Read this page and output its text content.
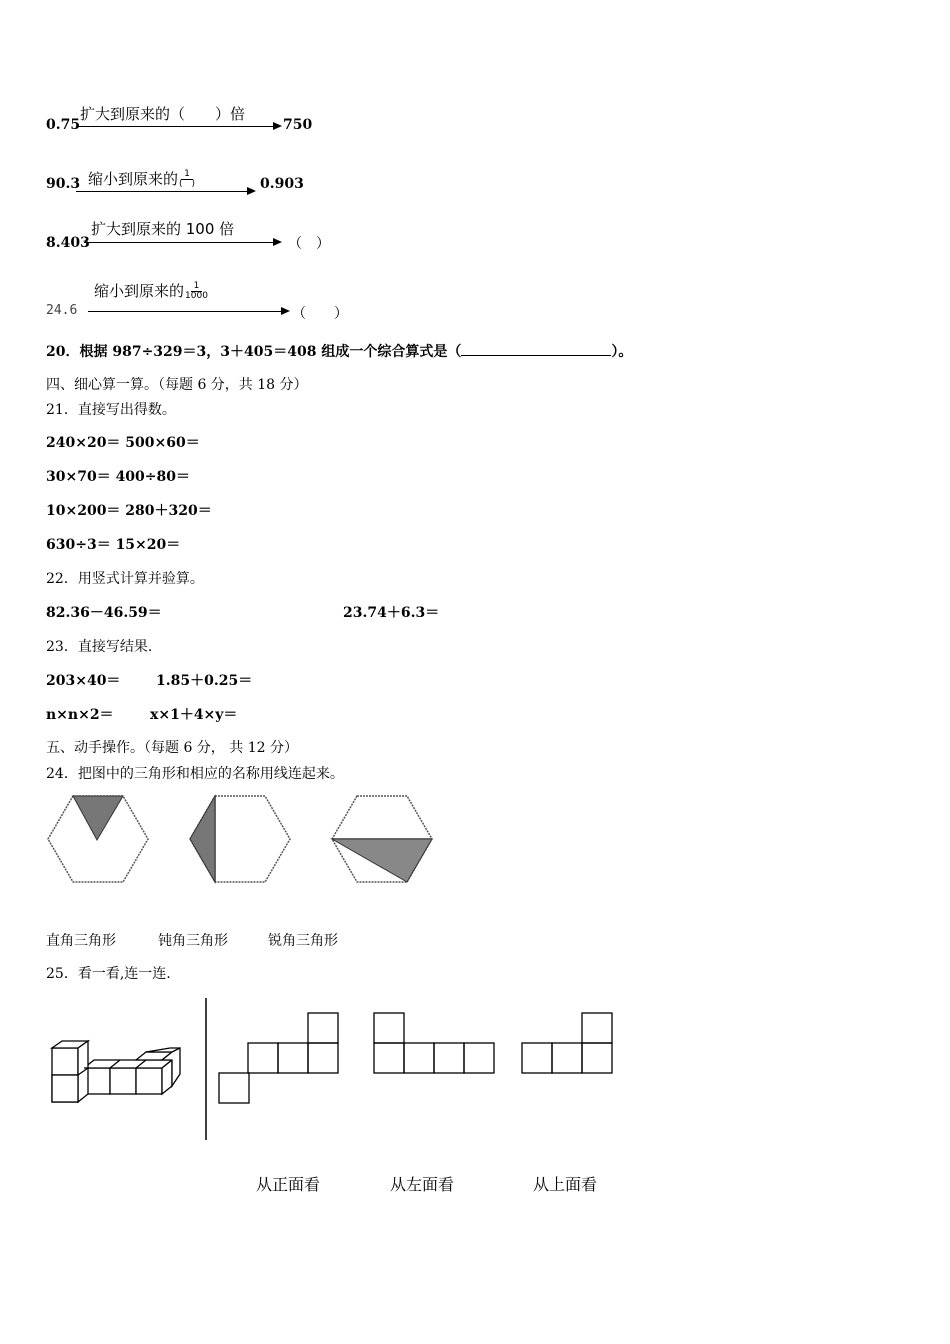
0.75
扩大到原来的（　　）倍
750
90.3 缩小到原来的 $\frac{1}{( )}$	0.903
8.403
扩大到原来的 100 倍
（　）
24.6
缩小到原来的 $\frac{1}{1000}$
（　　）
20．根据 987÷329＝3，3＋405＝408 组成一个综合算式是（	）。
四、细心算一算。（每题 6 分，共 18 分）
21．直接写出得数。
240×20＝ 500×60＝
30×70＝ 400÷80＝
10×200＝ 280＋320＝
630÷3＝ 15×20＝
22．用竖式计算并验算。
82.36－46.59＝	23.74＋6.3＝
23．直接写结果.
203×40＝	1.85＋0.25＝
n×n×2＝	x×1＋4×y＝
五、动手操作。（每题 6 分， 共 12 分）
24．把图中的三角形和相应的名称用线连起来。
直角三角形	钝角三角形	锐角三角形
25．看一看,连一连.
从正面看	从左面看	从上面看
